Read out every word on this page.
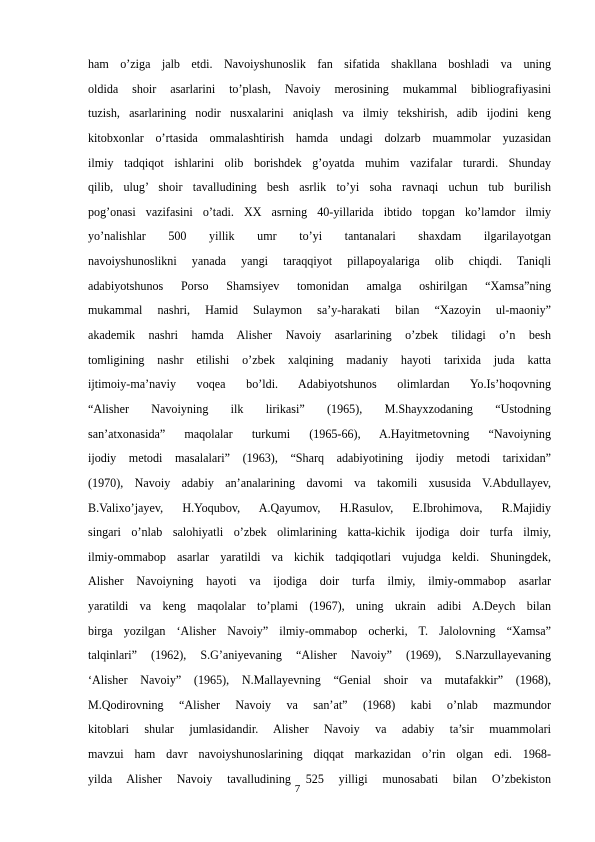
ham o’ziga jalb etdi. Navoiyshunoslik fan sifatida shakllana boshladi va uning
oldida shoir asarlarini to’plash, Navoiy merosining mukammal bibliografiyasini
tuzish, asarlarining nodir nusxalarini aniqlash va ilmiy tekshirish, adib ijodini keng
kitobxonlar o’rtasida ommalashtirish hamda undagi dolzarb muammolar yuzasidan
ilmiy tadqiqot ishlarini olib borishdek g’oyatda muhim vazifalar turardi. Shunday
qilib, ulug’ shoir tavalludining besh asrlik to’yi soha ravnaqi uchun tub burilish
pog’onasi vazifasini o’tadi. XX asrning 40-yillarida ibtido topgan ko’lamdor ilmiy
yo’nalishlar 500 yillik umr to’yi tantanalari shaxdam ilgarilayotgan
navoiyshunoslikni yanada yangi taraqqiyot pillapoyalariga olib chiqdi. Taniqli
adabiyotshunos Porso Shamsiyev tomonidan amalga oshirilgan “Xamsa”ning
mukammal nashri, Hamid Sulaymon sa’y-harakati bilan “Xazoyin ul-maoniy”
akademik nashri hamda Alisher Navoiy asarlarining o’zbek tilidagi o’n besh
tomligining nashr etilishi o’zbek xalqining madaniy hayoti tarixida juda katta
ijtimoiy-ma’naviy voqea bo’ldi. Adabiyotshunos olimlardan Yo.Is’hoqovning
“Alisher Navoiyning ilk lirikasi” (1965), M.Shayxzodaning “Ustodning
san’atxonasida” maqolalar turkumi (1965-66), A.Hayitmetovning “Navoiyning
ijodiy metodi masalalari” (1963), “Sharq adabiyotining ijodiy metodi tarixidan”
(1970), Navoiy adabiy an’analarining davomi va takomili xususida V.Abdullayev,
B.Valixo’jayev, H.Yoqubov, A.Qayumov, H.Rasulov, E.Ibrohimova, R.Majidiy
singari o’nlab salohiyatli o’zbek olimlarining katta-kichik ijodiga doir turfa ilmiy,
ilmiy-ommabop asarlar yaratildi va kichik tadqiqotlari vujudga keldi. Shuningdek,
Alisher Navoiyning hayoti va ijodiga doir turfa ilmiy, ilmiy-ommabop asarlar
yaratildi va keng maqolalar to’plami (1967), uning ukrain adibi A.Deych bilan
birga yozilgan ‘Alisher Navoiy” ilmiy-ommabop ocherki, T. Jalolovning “Xamsa”
talqinlari” (1962), S.G’aniyevaning “Alisher Navoiy” (1969), S.Narzullayevaning
‘Alisher Navoiy” (1965), N.Mallayevning “Genial shoir va mutafakkir” (1968),
M.Qodirovning “Alisher Navoiy va san’at” (1968) kabi o’nlab mazmundor
kitoblari shular jumlasidandir. Alisher Navoiy va adabiy ta’sir muammolari
mavzui ham davr navoiyshunoslarining diqqat markazidan o’rin olgan edi. 1968-
yilda Alisher Navoiy tavalludining 525 yilligi munosabati bilan O’zbekiston
7
